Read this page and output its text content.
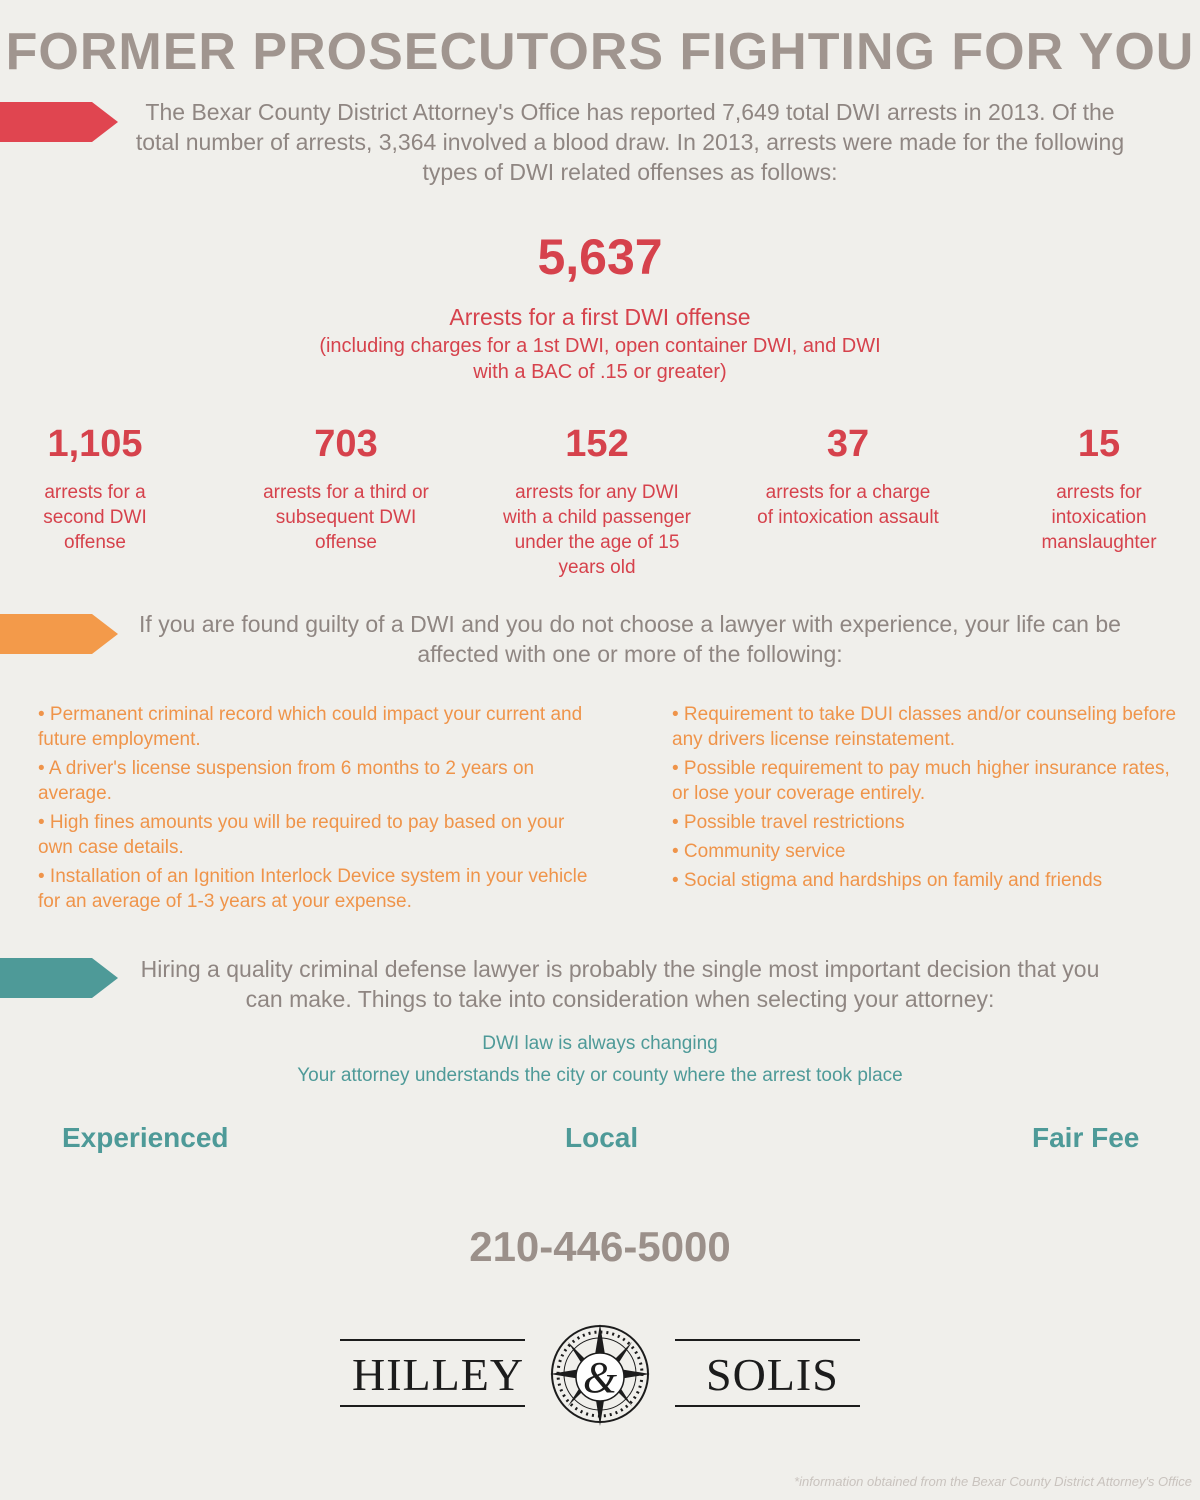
FORMER PROSECUTORS FIGHTING FOR YOU

The Bexar County District Attorney's Office has reported 7,649 total DWI arrests in 2013. Of the total number of arrests, 3,364 involved a blood draw. In 2013, arrests were made for the following types of DWI related offenses as follows:

5,637
Arrests for a first DWI offense
(including charges for a 1st DWI, open container DWI, and DWI with a BAC of .15 or greater)
1,105
arrests for a second DWI offense
703
arrests for a third or subsequent DWI offense
152
arrests for any DWI with a child passenger under the age of 15 years old
37
arrests for a charge of intoxication assault
15
arrests for intoxication manslaughter

If you are found guilty of a DWI and you do not choose a lawyer with experience, your life can be affected with one or more of the following:

• Permanent criminal record which could impact your current and future employment.
• A driver's license suspension from 6 months to 2 years on average.
• High fines amounts you will be required to pay based on your own case details.
• Installation of an Ignition Interlock Device system in your vehicle for an average of 1-3 years at your expense.
• Requirement to take DUI classes and/or counseling before any drivers license reinstatement.
• Possible requirement to pay much higher insurance rates, or lose your coverage entirely.
• Possible travel restrictions
• Community service
• Social stigma and hardships on family and friends

Hiring a quality criminal defense lawyer is probably the single most important decision that you can make. Things to take into consideration when selecting your attorney:

DWI law is always changing
Your attorney understands the city or county where the arrest took place
Experienced	Local	Fair Fee
210-446-5000
&
HILLEY	SOLIS
*information obtained from the Bexar County District Attorney's Office
